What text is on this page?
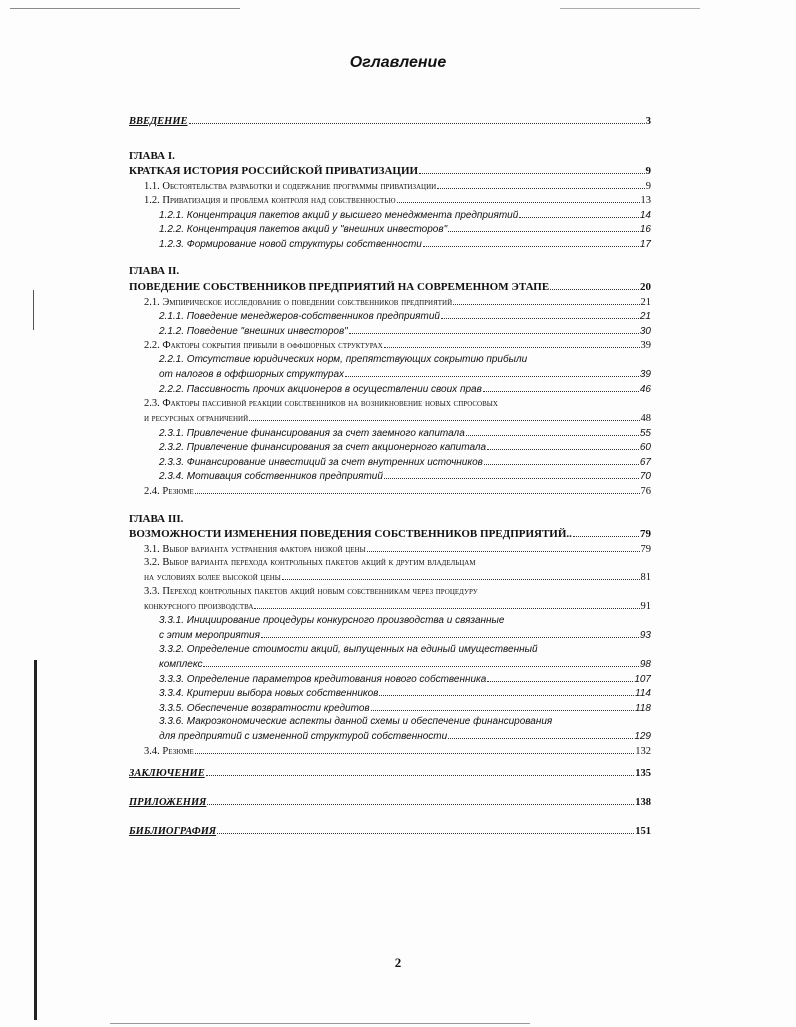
Оглавление
ВВЕДЕНИЕ	3
ГЛАВА I.
КРАТКАЯ ИСТОРИЯ РОССИЙСКОЙ ПРИВАТИЗАЦИИ	9
1.1. Обстоятельства разработки и содержание программы приватизации	9
1.2. Приватизация и проблема контроля над собственностью	13
1.2.1. Концентрация пакетов акций у высшего менеджмента предприятий	14
1.2.2. Концентрация пакетов акций у "внешних инвесторов"	16
1.2.3. Формирование новой структуры собственности	17
ГЛАВА II.
ПОВЕДЕНИЕ СОБСТВЕННИКОВ ПРЕДПРИЯТИЙ НА СОВРЕМЕННОМ ЭТАПЕ	20
2.1. Эмпирическое исследование о поведении собственников предприятий	21
2.1.1. Поведение менеджеров-собственников предприятий	21
2.1.2. Поведение "внешних инвесторов"	30
2.2. Факторы сокрытия прибыли в оффшорных структурах	39
2.2.1. Отсутствие юридических норм, препятствующих сокрытию прибыли
от налогов в оффшорных структурах	39
2.2.2. Пассивность прочих акционеров в осуществлении своих прав	46
2.3. Факторы пассивной реакции собственников на возникновение новых спросовых
и ресурсных ограничений	48
2.3.1. Привлечение финансирования за счет заемного капитала	55
2.3.2. Привлечение финансирования за счет акционерного капитала	60
2.3.3. Финансирование инвестиций за счет внутренних источников	67
2.3.4. Мотивация собственников предприятий	70
2.4. Резюме	76
ГЛАВА III.
ВОЗМОЖНОСТИ ИЗМЕНЕНИЯ ПОВЕДЕНИЯ СОБСТВЕННИКОВ ПРЕДПРИЯТИЙ..	79
3.1. Выбор варианта устранения фактора низкой цены	79
3.2. Выбор варианта перехода контрольных пакетов акций к другим владельцам
на условиях более высокой цены	81
3.3. Переход контрольных пакетов акций новым собственникам через процедуру
конкурсного производства	91
3.3.1. Инициирование процедуры конкурсного производства и связанные
с этим мероприятия	93
3.3.2. Определение стоимости акций, выпущенных на единый имущественный
комплекс	98
3.3.3. Определение параметров кредитования нового собственника	107
3.3.4. Критерии выбора новых собственников	114
3.3.5. Обеспечение возвратности кредитов	118
3.3.6. Макроэкономические аспекты данной схемы и обеспечение финансирования
для предприятий с измененной структурой собственности	129
3.4. Резюме	132
ЗАКЛЮЧЕНИЕ	135
ПРИЛОЖЕНИЯ	138
БИБЛИОГРАФИЯ	151
2
